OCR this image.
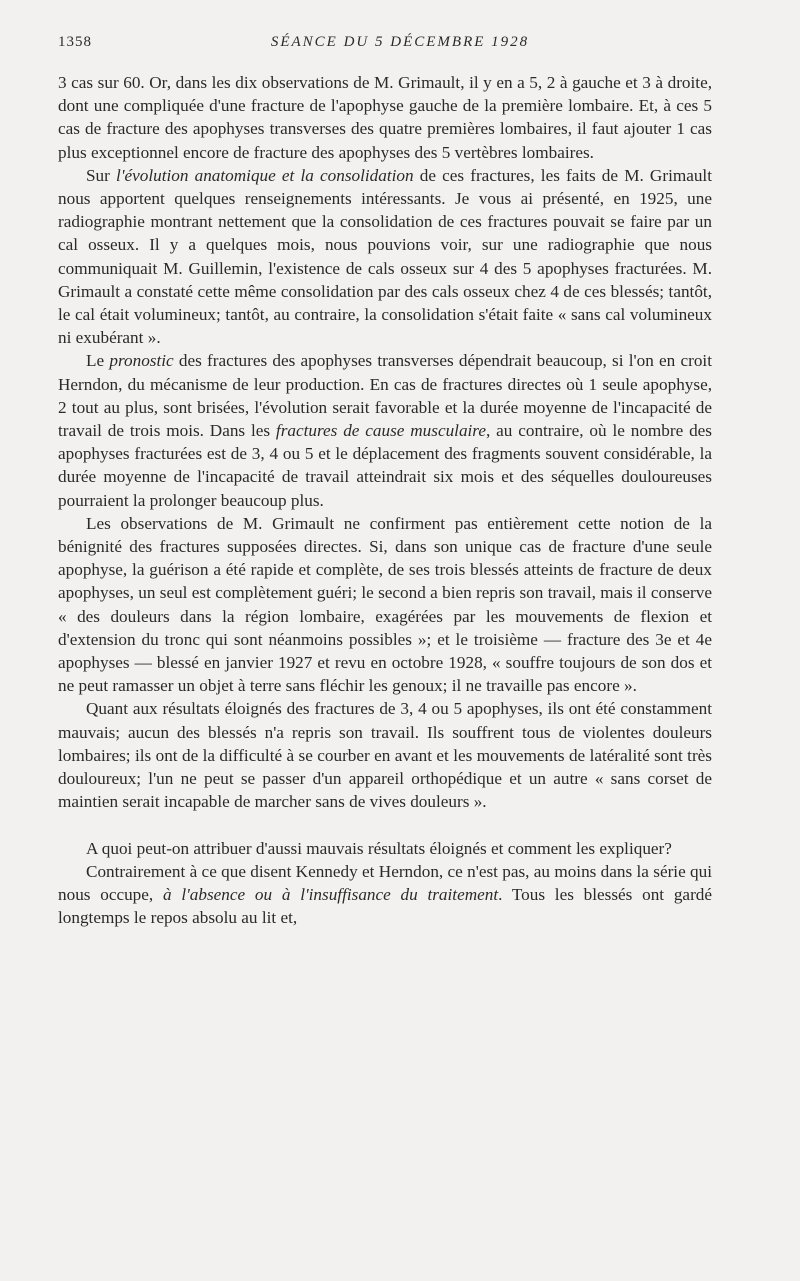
1358	SÉANCE DU 5 DÉCEMBRE 1928

3 cas sur 60. Or, dans les dix observations de M. Grimault, il y en a 5, 2 à gauche et 3 à droite, dont une compliquée d'une fracture de l'apophyse gauche de la première lombaire. Et, à ces 5 cas de fracture des apophyses transverses des quatre premières lombaires, il faut ajouter 1 cas plus exceptionnel encore de fracture des apophyses des 5 vertèbres lombaires.

Sur l'évolution anatomique et la consolidation de ces fractures, les faits de M. Grimault nous apportent quelques renseignements intéressants. Je vous ai présenté, en 1925, une radiographie montrant nettement que la consolidation de ces fractures pouvait se faire par un cal osseux. Il y a quelques mois, nous pouvions voir, sur une radiographie que nous communiquait M. Guillemin, l'existence de cals osseux sur 4 des 5 apophyses fracturées. M. Grimault a constaté cette même consolidation par des cals osseux chez 4 de ces blessés; tantôt, le cal était volumineux; tantôt, au contraire, la consolidation s'était faite « sans cal volumineux ni exubérant ».

Le pronostic des fractures des apophyses transverses dépendrait beaucoup, si l'on en croit Herndon, du mécanisme de leur production. En cas de fractures directes où 1 seule apophyse, 2 tout au plus, sont brisées, l'évolution serait favorable et la durée moyenne de l'incapacité de travail de trois mois. Dans les fractures de cause musculaire, au contraire, où le nombre des apophyses fracturées est de 3, 4 ou 5 et le déplacement des fragments souvent considérable, la durée moyenne de l'incapacité de travail atteindrait six mois et des séquelles douloureuses pourraient la prolonger beaucoup plus.

Les observations de M. Grimault ne confirment pas entièrement cette notion de la bénignité des fractures supposées directes. Si, dans son unique cas de fracture d'une seule apophyse, la guérison a été rapide et complète, de ses trois blessés atteints de fracture de deux apophyses, un seul est complètement guéri; le second a bien repris son travail, mais il conserve « des douleurs dans la région lombaire, exagérées par les mouvements de flexion et d'extension du tronc qui sont néanmoins possibles »; et le troisième — fracture des 3e et 4e apophyses — blessé en janvier 1927 et revu en octobre 1928, « souffre toujours de son dos et ne peut ramasser un objet à terre sans fléchir les genoux; il ne travaille pas encore ».

Quant aux résultats éloignés des fractures de 3, 4 ou 5 apophyses, ils ont été constamment mauvais; aucun des blessés n'a repris son travail. Ils souffrent tous de violentes douleurs lombaires; ils ont de la difficulté à se courber en avant et les mouvements de latéralité sont très douloureux; l'un ne peut se passer d'un appareil orthopédique et un autre « sans corset de maintien serait incapable de marcher sans de vives douleurs ».

A quoi peut-on attribuer d'aussi mauvais résultats éloignés et comment les expliquer?

Contrairement à ce que disent Kennedy et Herndon, ce n'est pas, au moins dans la série qui nous occupe, à l'absence ou à l'insuffisance du traitement. Tous les blessés ont gardé longtemps le repos absolu au lit et,
